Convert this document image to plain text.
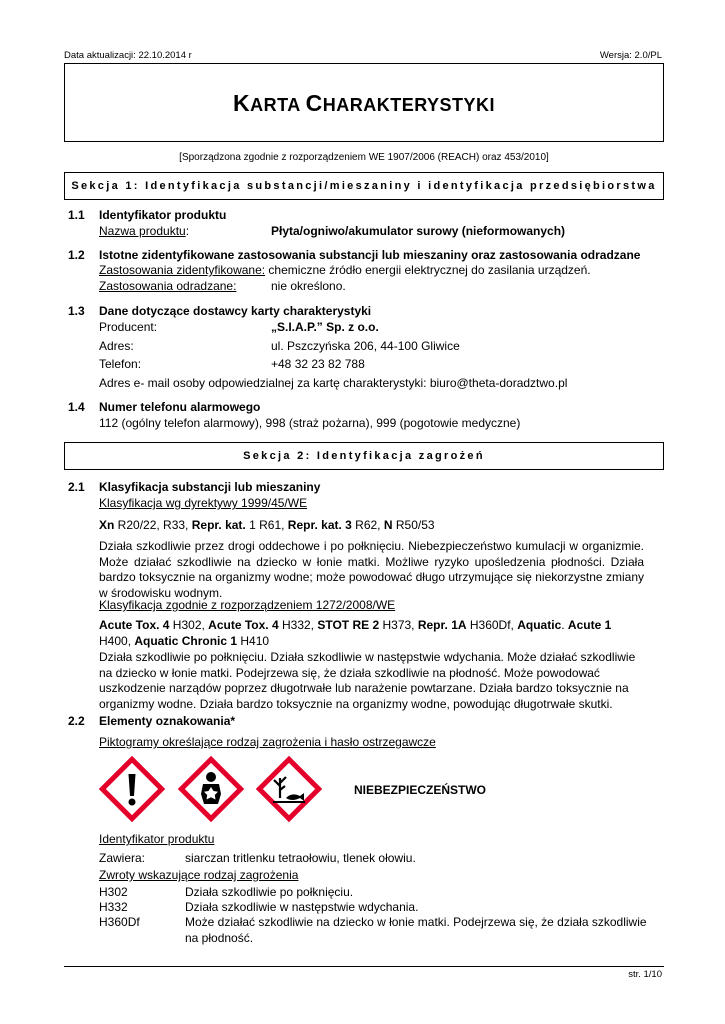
Data aktualizacji: 22.10.2014 r	Wersja: 2.0/PL
KARTA CHARAKTERYSTYKI
[Sporządzona zgodnie z rozporządzeniem WE 1907/2006 (REACH) oraz 453/2010]
Sekcja 1: Identyfikacja substancji/mieszaniny i identyfikacja przedsiębiorstwa
1.1 Identyfikator produktu
Nazwa produktu:	Płyta/ogniwo/akumulator surowy (nieformowanych)
1.2 Istotne zidentyfikowane zastosowania substancji lub mieszaniny oraz zastosowania odradzane
Zastosowania zidentyfikowane: chemiczne źródło energii elektrycznej do zasilania urządzeń.
Zastosowania odradzane:	nie określono.
1.3 Dane dotyczące dostawcy karty charakterystyki
Producent:	„S.I.A.P.” Sp. z o.o.
Adres:	ul. Pszczyńska 206, 44-100 Gliwice
Telefon:	+48 32 23 82 788
Adres e- mail osoby odpowiedzialnej za kartę charakterystyki: biuro@theta-doradztwo.pl
1.4 Numer telefonu alarmowego
112 (ogólny telefon alarmowy), 998 (straż pożarna), 999 (pogotowie medyczne)
Sekcja 2: Identyfikacja zagrożeń
2.1 Klasyfikacja substancji lub mieszaniny
Klasyfikacja wg dyrektywy 1999/45/WE
Xn R20/22, R33, Repr. kat. 1 R61, Repr. kat. 3 R62, N R50/53
Działa szkodliwie przez drogi oddechowe i po połknięciu. Niebezpieczeństwo kumulacji w organizmie. Może działać szkodliwie na dziecko w łonie matki. Możliwe ryzyko upośledzenia płodności. Działa bardzo toksycznie na organizmy wodne; może powodować długo utrzymujące się niekorzystne zmiany w środowisku wodnym.
Klasyfikacja zgodnie z rozporządzeniem 1272/2008/WE
Acute Tox. 4 H302, Acute Tox. 4 H332, STOT RE 2 H373, Repr. 1A H360Df, Aquatic. Acute 1
H400, Aquatic Chronic 1 H410
Działa szkodliwie po połknięciu. Działa szkodliwie w następstwie wdychania. Może działać szkodliwie na dziecko w łonie matki. Podejrzewa się, że działa szkodliwie na płodność. Może powodować uszkodzenie narządów poprzez długotrwałe lub narażenie powtarzane. Działa bardzo toksycznie na organizmy wodne. Działa bardzo toksycznie na organizmy wodne, powodując długotrwałe skutki.
2.2 Elementy oznakowania*
Piktogramy określające rodzaj zagrożenia i hasło ostrzegawcze
NIEBEZPIECZEŃSTWO
Identyfikator produktu
Zawiera:	siarczan tritlenku tetraołowiu, tlenek ołowiu.
Zwroty wskazujące rodzaj zagrożenia
H302	Działa szkodliwie po połknięciu.
H332	Działa szkodliwie w następstwie wdychania.
H360Df	Może działać szkodliwie na dziecko w łonie matki. Podejrzewa się, że działa szkodliwie na płodność.
str. 1/10
